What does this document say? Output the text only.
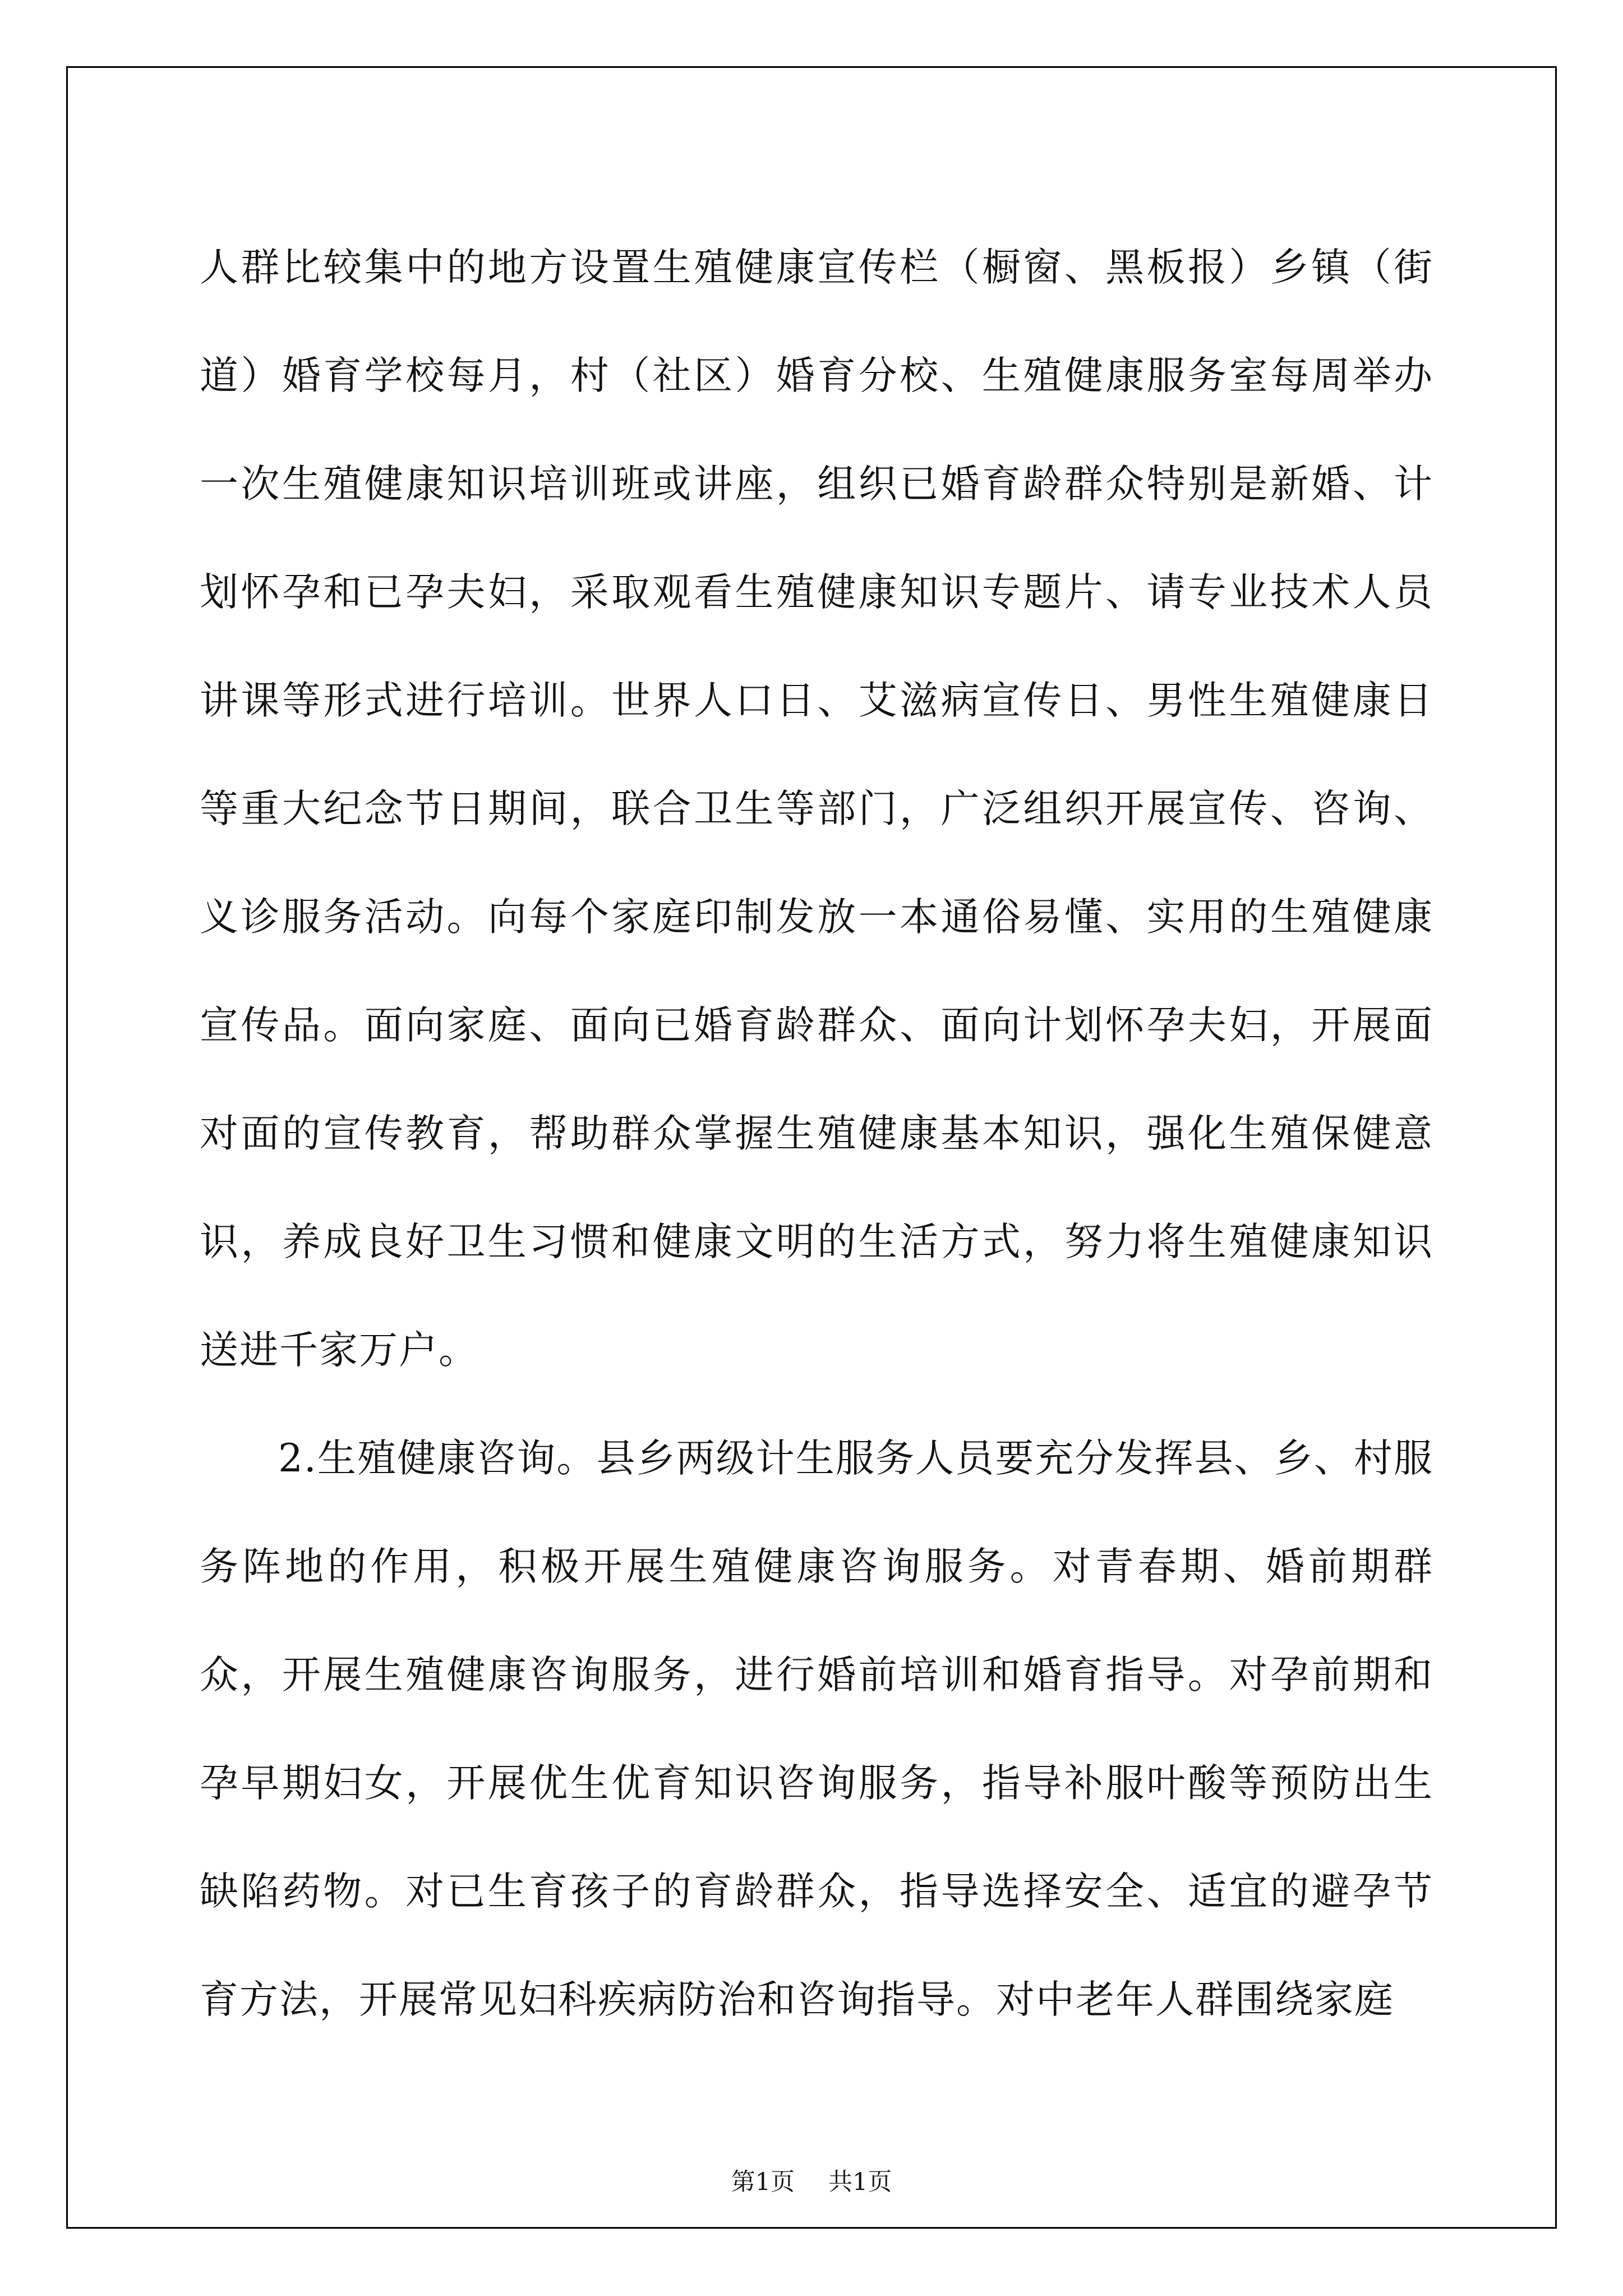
人群比较集中的地方设置生殖健康宣传栏（橱窗、黑板报）乡镇（街道）婚育学校每月，村（社区）婚育分校、生殖健康服务室每周举办一次生殖健康知识培训班或讲座，组织已婚育龄群众特别是新婚、计划怀孕和已孕夫妇，采取观看生殖健康知识专题片、请专业技术人员讲课等形式进行培训。世界人口日、艾滋病宣传日、男性生殖健康日等重大纪念节日期间，联合卫生等部门，广泛组织开展宣传、咨询、义诊服务活动。向每个家庭印制发放一本通俗易懂、实用的生殖健康宣传品。面向家庭、面向已婚育龄群众、面向计划怀孕夫妇，开展面对面的宣传教育，帮助群众掌握生殖健康基本知识，强化生殖保健意识，养成良好卫生习惯和健康文明的生活方式，努力将生殖健康知识送进千家万户。

2.生殖健康咨询。县乡两级计生服务人员要充分发挥县、乡、村服务阵地的作用，积极开展生殖健康咨询服务。对青春期、婚前期群众，开展生殖健康咨询服务，进行婚前培训和婚育指导。对孕前期和孕早期妇女，开展优生优育知识咨询服务，指导补服叶酸等预防出生缺陷药物。对已生育孩子的育龄群众，指导选择安全、适宜的避孕节育方法，开展常见妇科疾病防治和咨询指导。对中老年人群围绕家庭

第1页 共1页
